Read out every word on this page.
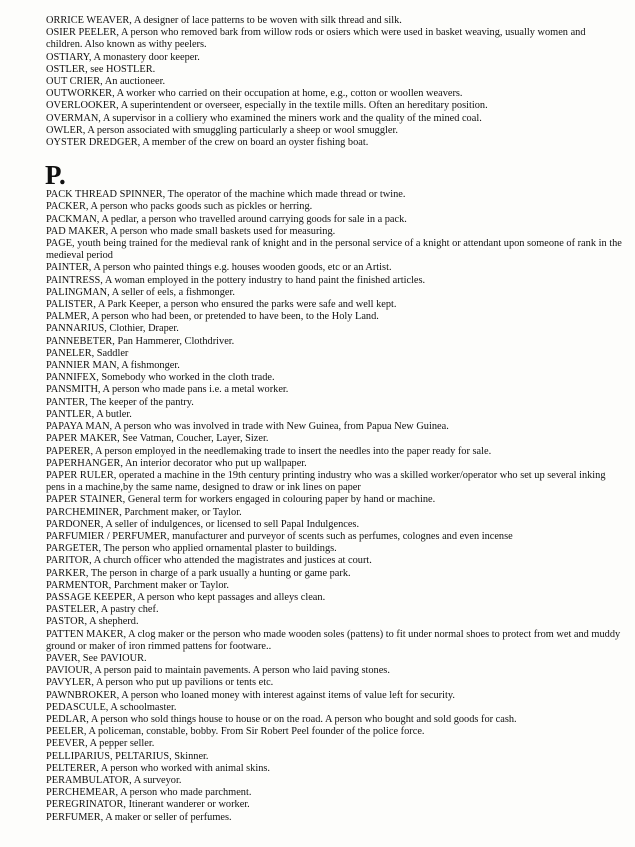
ORRICE WEAVER, A designer of lace patterns to be woven with silk thread and silk.

OSIER PEELER, A person who removed bark from willow rods or osiers which were used in basket weaving, usually women and children. Also known as withy peelers.

OSTIARY, A monastery door keeper.

OSTLER, see HOSTLER.

OUT CRIER, An auctioneer.

OUTWORKER, A worker who carried on their occupation at home, e.g., cotton or woollen weavers.

OVERLOOKER, A superintendent or overseer, especially in the textile mills. Often an hereditary position.

OVERMAN, A supervisor in a colliery who examined the miners work and the quality of the mined coal.

OWLER, A person associated with smuggling particularly a sheep or wool smuggler.

OYSTER DREDGER, A member of the crew on board an oyster fishing boat.

P.

PACK THREAD SPINNER, The operator of the machine which made thread or twine.

PACKER, A person who packs goods such as pickles or herring.

PACKMAN, A pedlar, a person who travelled around carrying goods for sale in a pack.

PAD MAKER, A person who made small baskets used for measuring.

PAGE, youth being trained for the medieval rank of knight and in the personal service of a knight or attendant upon someone of rank in the medieval period

PAINTER, A person who painted things e.g. houses wooden goods, etc or an Artist.

PAINTRESS, A woman employed in the pottery industry to hand paint the finished articles.

PALINGMAN, A seller of eels, a fishmonger.

PALISTER, A Park Keeper, a person who ensured the parks were safe and well kept.

PALMER, A person who had been, or pretended to have been, to the Holy Land.

PANNARIUS, Clothier, Draper.

PANNEBETER, Pan Hammerer, Clothdriver.

PANELER, Saddler

PANNIER MAN, A fishmonger.

PANNIFEX, Somebody who worked in the cloth trade.

PANSMITH, A person who made pans i.e. a metal worker.

PANTER, The keeper of the pantry.

PANTLER, A butler.

PAPAYA MAN, A person who was involved in trade with New Guinea, from Papua New Guinea.

PAPER MAKER, See Vatman, Coucher, Layer, Sizer.

PAPERER, A person employed in the needlemaking trade to insert the needles into the paper ready for sale.

PAPERHANGER, An interior decorator who put up wallpaper.

PAPER RULER, operated a machine in the 19th century printing industry who was a skilled worker/operator who set up several inking pens in a machine,by the same name, designed to draw or ink lines on paper

PAPER STAINER, General term for workers engaged in colouring paper by hand or machine.

PARCHEMINER, Parchment maker, or Taylor.

PARDONER, A seller of indulgences, or licensed to sell Papal Indulgences.

PARFUMIER / PERFUMER, manufacturer and purveyor of scents such as perfumes, colognes and even incense

PARGETER, The person who applied ornamental plaster to buildings.

PARITOR, A church officer who attended the magistrates and justices at court.

PARKER, The person in charge of a park usually a hunting or game park.

PARMENTOR, Parchment maker or Taylor.

PASSAGE KEEPER, A person who kept passages and alleys clean.

PASTELER, A pastry chef.

PASTOR, A shepherd.

PATTEN MAKER, A clog maker or the person who made wooden soles (pattens) to fit under normal shoes to protect from wet and muddy ground or maker of iron rimmed pattens for footware..

PAVER, See PAVIOUR.

PAVIOUR, A person paid to maintain pavements. A person who laid paving stones.

PAVYLER, A person who put up pavilions or tents etc.

PAWNBROKER, A person who loaned money with interest against items of value left for security.

PEDASCULE, A schoolmaster.

PEDLAR, A person who sold things house to house or on the road. A person who bought and sold goods for cash.

PEELER, A policeman, constable, bobby. From Sir Robert Peel founder of the police force.

PEEVER, A pepper seller.

PELLIPARIUS, PELTARIUS, Skinner.

PELTERER, A person who worked with animal skins.

PERAMBULATOR, A surveyor.

PERCHEMEAR, A person who made parchment.

PEREGRINATOR, Itinerant wanderer or worker.

PERFUMER, A maker or seller of perfumes.
